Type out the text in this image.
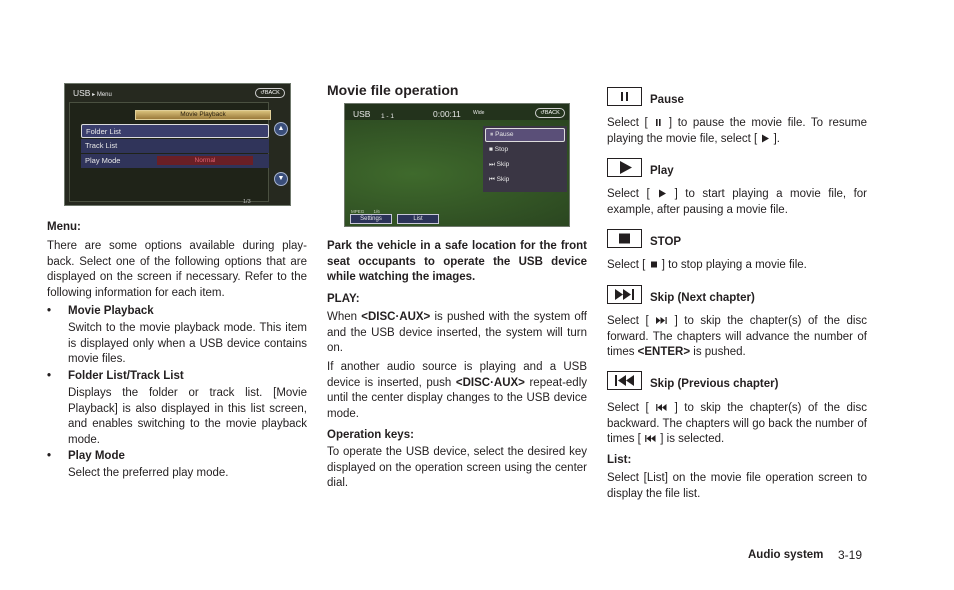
USB ▸ Menu	↺BACK
Movie Playback
Folder List
Track List
Play Mode	Normal
▲
▼
1/3

Menu:

There are some options available during play-back. Select one of the following options that are displayed on the screen if necessary. Refer to the following information for each item.

• Movie Playback

Switch to the movie playback mode. This item is displayed only when a USB device contains movie files.

• Folder List/Track List

Displays the folder or track list. [Movie Playback] is also displayed in this list screen, and enables switching to the movie playback mode.

• Play Mode

Select the preferred play mode.

Movie file operation

USB 1 - 1	0:00:11 Wide	↺BACK
⏸ Pause
■ Stop
⏭ Skip
⏮ Skip
MPEG 1/6
Settings	List

Park the vehicle in a safe location for the front seat occupants to operate the USB device while watching the images.

PLAY:

When <DISC·AUX> is pushed with the system off and the USB device inserted, the system will turn on.

If another audio source is playing and a USB device is inserted, push <DISC·AUX> repeat-edly until the center display changes to the USB device mode.

Operation keys:

To operate the USB device, select the desired key displayed on the operation screen using the center dial.

Pause

Select [  ] to pause the movie file. To resume playing the movie file, select [  ].

Play

Select [  ] to start playing a movie file, for example, after pausing a movie file.

STOP

Select [  ] to stop playing a movie file.

Skip (Next chapter)

Select [  ] to skip the chapter(s) of the disc forward. The chapters will advance the number of times <ENTER> is pushed.

Skip (Previous chapter)

Select [  ] to skip the chapter(s) of the disc backward. The chapters will go back the number of times [  ] is selected.

List:

Select [List] on the movie file operation screen to display the file list.

Audio system 3-19
